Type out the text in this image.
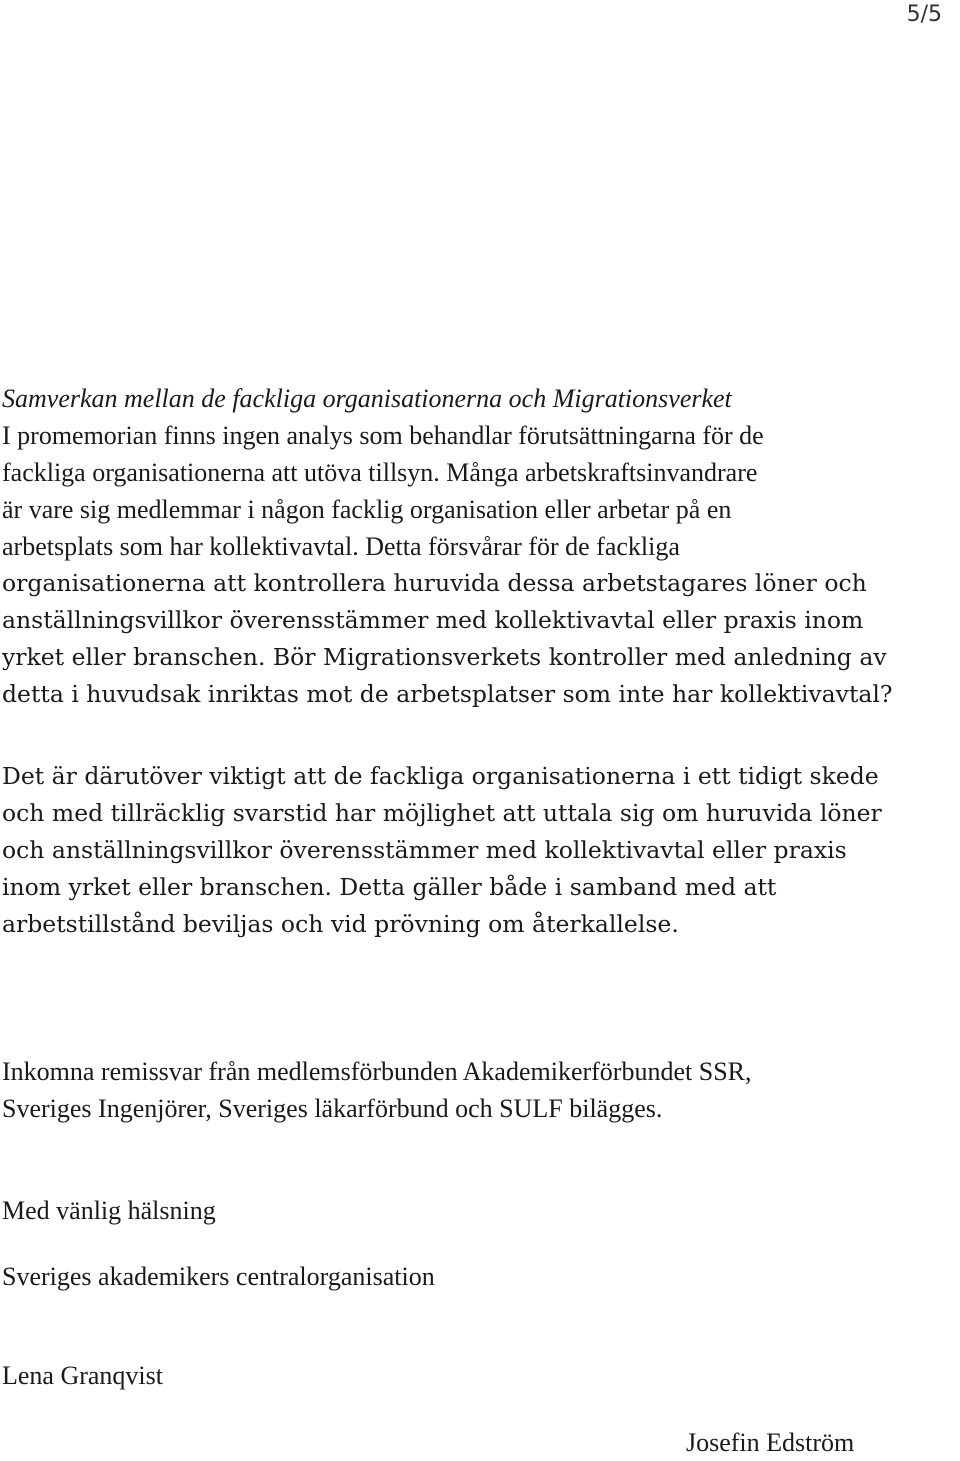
5/5
Samverkan mellan de fackliga organisationerna och Migrationsverket
I promemorian finns ingen analys som behandlar förutsättningarna för de
fackliga organisationerna att utöva tillsyn. Många arbetskraftsinvandrare
är vare sig medlemmar i någon facklig organisation eller arbetar på en
arbetsplats som har kollektivavtal. Detta försvårar för de fackliga
organisationerna att kontrollera huruvida dessa arbetstagares löner och
anställningsvillkor överensstämmer med kollektivavtal eller praxis inom
yrket eller branschen. Bör Migrationsverkets kontroller med anledning av
detta i huvudsak inriktas mot de arbetsplatser som inte har kollektivavtal?
Det är därutöver viktigt att de fackliga organisationerna i ett tidigt skede
och med tillräcklig svarstid har möjlighet att uttala sig om huruvida löner
och anställningsvillkor överensstämmer med kollektivavtal eller praxis
inom yrket eller branschen. Detta gäller både i samband med att
arbetstillstånd beviljas och vid prövning om återkallelse.
Inkomna remissvar från medlemsförbunden Akademikerförbundet SSR,
Sveriges Ingenjörer, Sveriges läkarförbund och SULF bilägges.
Med vänlig hälsning
Sveriges akademikers centralorganisation
Lena Granqvist
Josefin Edström
